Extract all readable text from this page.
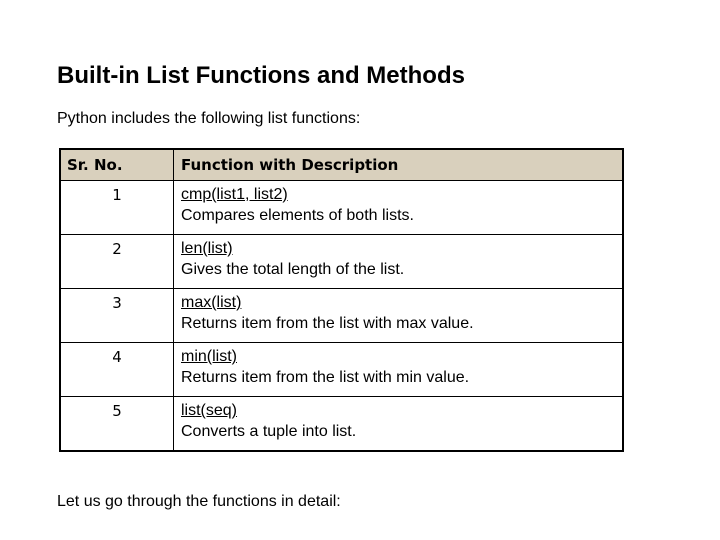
Built-in List Functions and Methods
Python includes the following list functions:
Sr. No.	Function with Description
1	cmp(list1, list2)
Compares elements of both lists.

2	len(list)
Gives the total length of the list.

3	max(list)
Returns item from the list with max value.

4	min(list)
Returns item from the list with min value.

5	list(seq)
Converts a tuple into list.
Let us go through the functions in detail:
